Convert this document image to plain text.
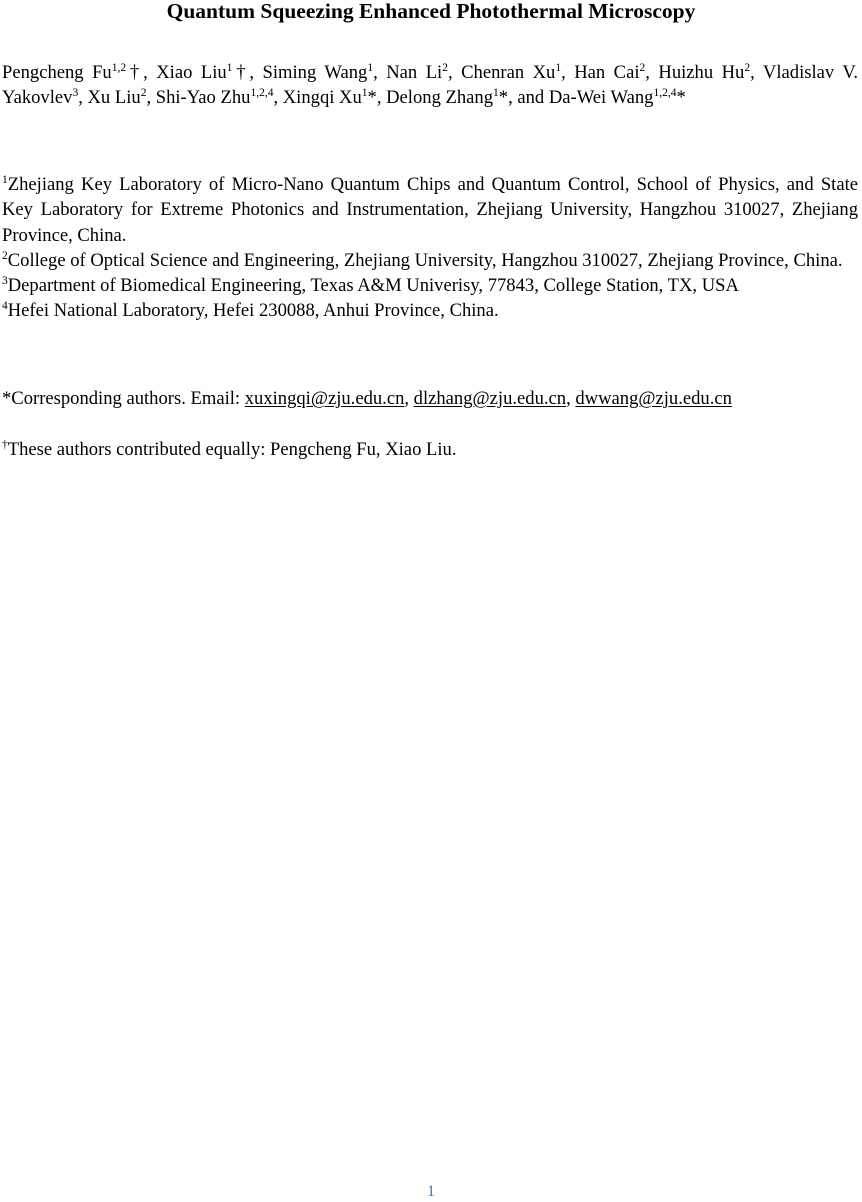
Quantum Squeezing Enhanced Photothermal Microscopy
Pengcheng Fu$^{1,2}$†, Xiao Liu$^1$†, Siming Wang$^1$, Nan Li$^2$, Chenran Xu$^1$, Han Cai$^2$, Huizhu Hu$^2$, Vladislav V. Yakovlev$^3$, Xu Liu$^2$, Shi-Yao Zhu$^{1,2,4}$, Xingqi Xu$^1$*, Delong Zhang$^1$*, and Da-Wei Wang$^{1,2,4}$*

$^1$Zhejiang Key Laboratory of Micro-Nano Quantum Chips and Quantum Control, School of Physics, and State Key Laboratory for Extreme Photonics and Instrumentation, Zhejiang University, Hangzhou 310027, Zhejiang Province, China.

$^2$College of Optical Science and Engineering, Zhejiang University, Hangzhou 310027, Zhejiang Province, China.

$^3$Department of Biomedical Engineering, Texas A&M Univerisy, 77843, College Station, TX, USA

$^4$Hefei National Laboratory, Hefei 230088, Anhui Province, China.

*Corresponding authors. Email: xuxingqi@zju.edu.cn, dlzhang@zju.edu.cn, dwwang@zju.edu.cn
†These authors contributed equally: Pengcheng Fu, Xiao Liu.
1
